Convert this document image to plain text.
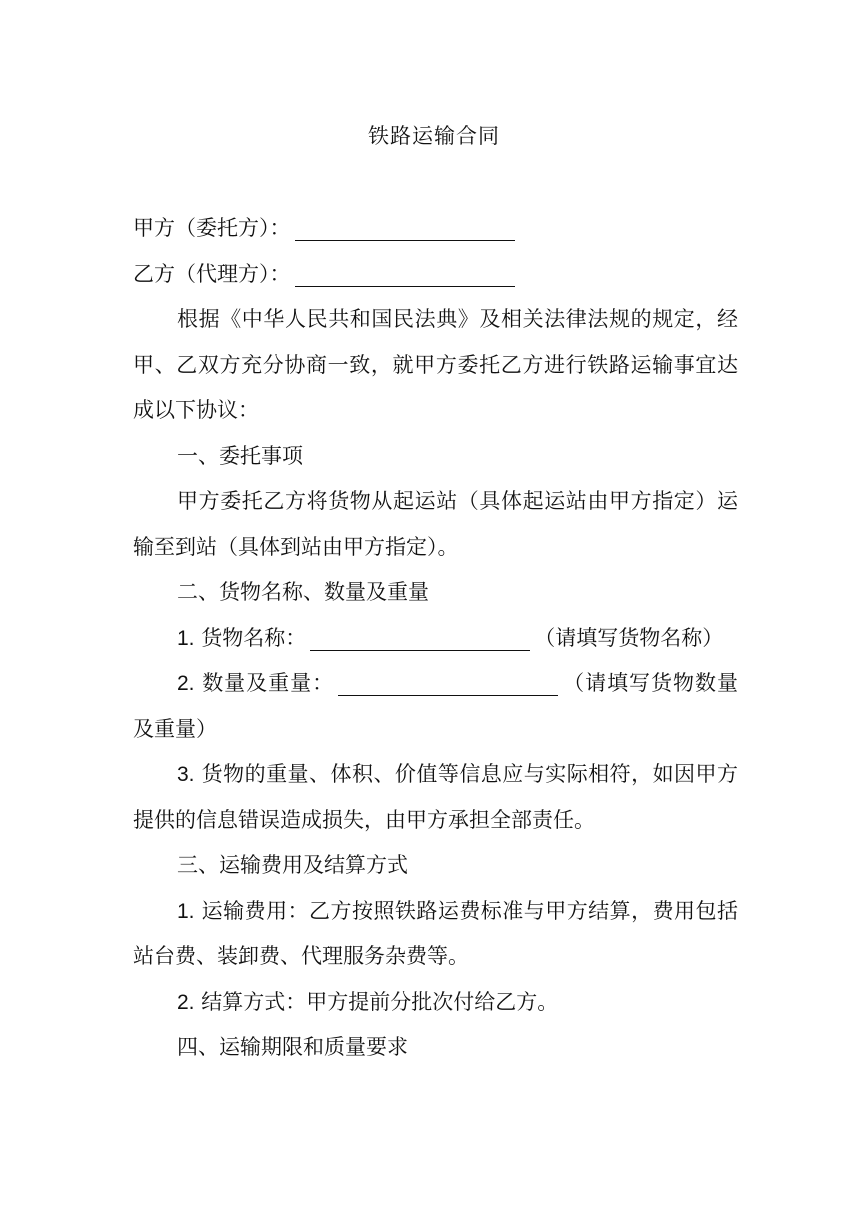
铁路运输合同

甲方（委托方）：

乙方（代理方）：

根据《中华人民共和国民法典》及相关法律法规的规定，经甲、乙双方充分协商一致，就甲方委托乙方进行铁路运输事宜达成以下协议：

一、委托事项

甲方委托乙方将货物从起运站（具体起运站由甲方指定）运输至到站（具体到站由甲方指定）。

二、货物名称、数量及重量

1. 货物名称：	（请填写货物名称）

2. 数量及重量：	（请填写货物数量及重量）

3. 货物的重量、体积、价值等信息应与实际相符，如因甲方提供的信息错误造成损失，由甲方承担全部责任。

三、运输费用及结算方式

1. 运输费用：乙方按照铁路运费标准与甲方结算，费用包括站台费、装卸费、代理服务杂费等。

2. 结算方式：甲方提前分批次付给乙方。

四、运输期限和质量要求
